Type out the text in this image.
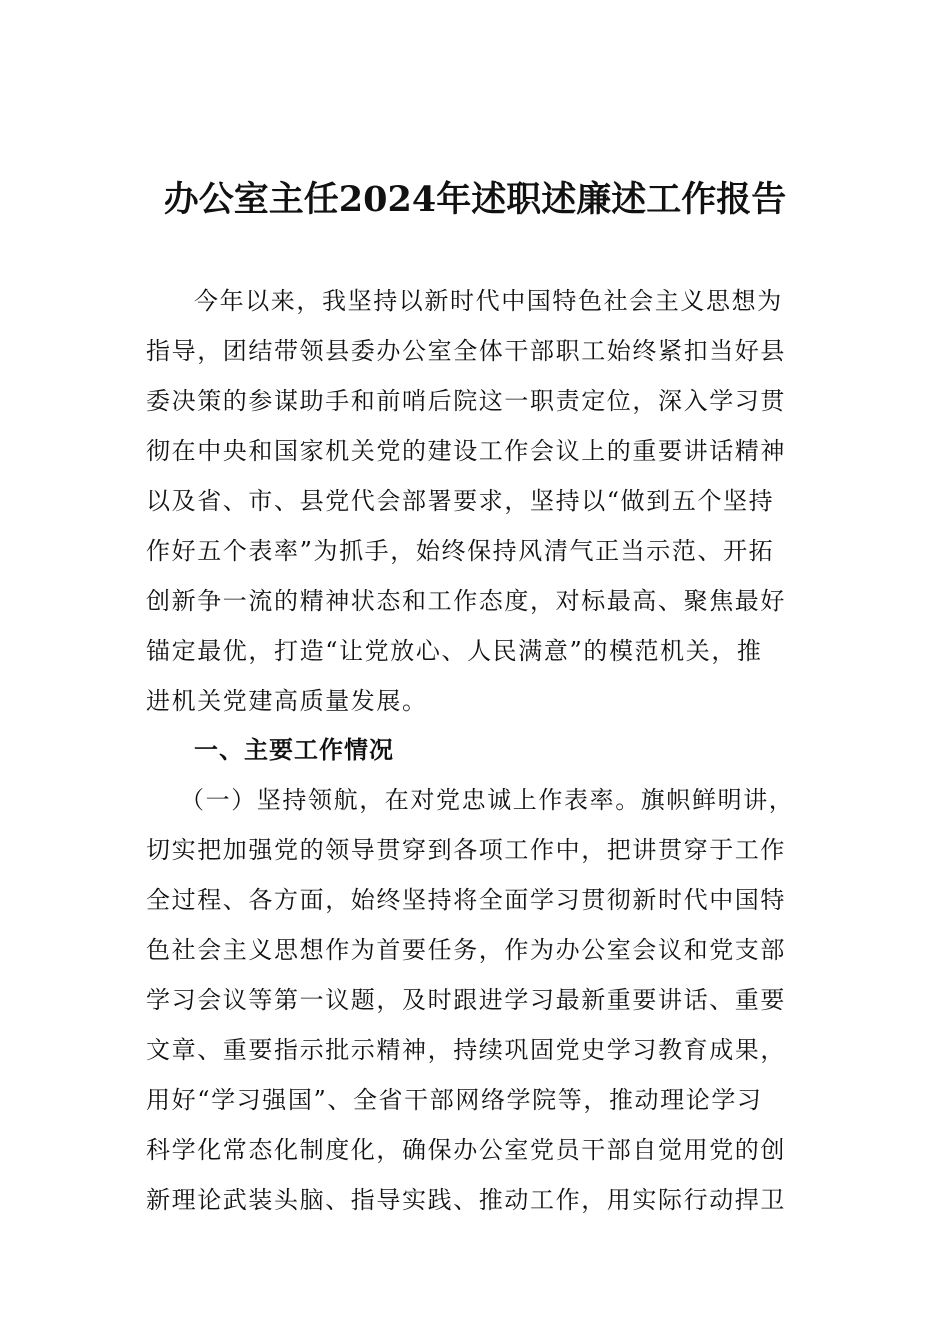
办公室主任2024年述职述廉述工作报告
今年以来，我坚持以新时代中国特色社会主义思想为
指导，团结带领县委办公室全体干部职工始终紧扣当好县
委决策的参谋助手和前哨后院这一职责定位，深入学习贯
彻在中央和国家机关党的建设工作会议上的重要讲话精神
以及省、市、县党代会部署要求，坚持以“做到五个坚持
作好五个表率”为抓手，始终保持风清气正当示范、开拓
创新争一流的精神状态和工作态度，对标最高、聚焦最好
锚定最优，打造“让党放心、人民满意”的模范机关，推
进机关党建高质量发展。
一、主要工作情况
（一）坚持领航，在对党忠诚上作表率。旗帜鲜明讲，
切实把加强党的领导贯穿到各项工作中，把讲贯穿于工作
全过程、各方面，始终坚持将全面学习贯彻新时代中国特
色社会主义思想作为首要任务，作为办公室会议和党支部
学习会议等第一议题，及时跟进学习最新重要讲话、重要
文章、重要指示批示精神，持续巩固党史学习教育成果，
用好“学习强国”、全省干部网络学院等，推动理论学习
科学化常态化制度化，确保办公室党员干部自觉用党的创
新理论武装头脑、指导实践、推动工作，用实际行动捍卫
